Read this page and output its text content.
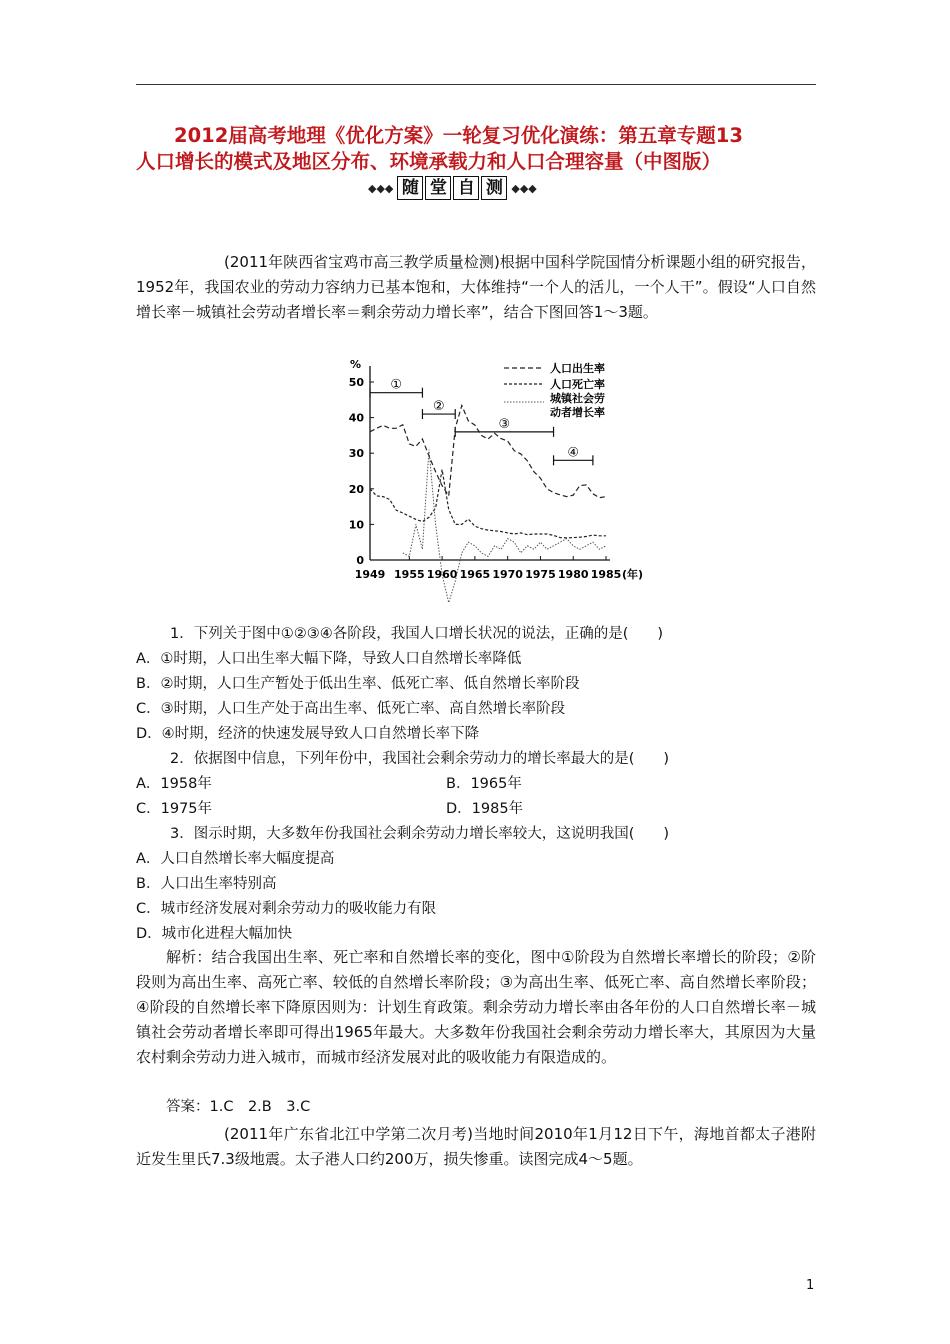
2012届高考地理《优化方案》一轮复习优化演练：第五章专题13
人口增长的模式及地区分布、环境承载力和人口合理容量（中图版）
◆◆◆ 随 堂 自 测 ◆◆◆
(2011年陕西省宝鸡市高三教学质量检测)根据中国科学院国情分析课题小组的研究报告，1952年，我国农业的劳动力容纳力已基本饱和，大体维持“一个人的活儿，一个人干”。假设“人口自然增长率－城镇社会劳动者增长率＝剩余劳动力增长率”，结合下图回答1～3题。
%
0
10
20
30
40
50
1949 1955 1960 1965 1970 1975 1980 1985 (年)
①
②
③
④
人口出生率
人口死亡率
城镇社会劳
动者增长率
1．下列关于图中①②③④各阶段，我国人口增长状况的说法，正确的是(　　)
A．①时期，人口出生率大幅下降，导致人口自然增长率降低
B．②时期，人口生产暂处于低出生率、低死亡率、低自然增长率阶段
C．③时期，人口生产处于高出生率、低死亡率、高自然增长率阶段
D．④时期，经济的快速发展导致人口自然增长率下降
2．依据图中信息，下列年份中，我国社会剩余劳动力的增长率最大的是(　　)
A．1958年	B．1965年
C．1975年	D．1985年
3．图示时期，大多数年份我国社会剩余劳动力增长率较大，这说明我国(　　)
A．人口自然增长率大幅度提高
B．人口出生率特别高
C．城市经济发展对剩余劳动力的吸收能力有限
D．城市化进程大幅加快
解析：结合我国出生率、死亡率和自然增长率的变化，图中①阶段为自然增长率增长的阶段；②阶段则为高出生率、高死亡率、较低的自然增长率阶段；③为高出生率、低死亡率、高自然增长率阶段；④阶段的自然增长率下降原因则为：计划生育政策。剩余劳动力增长率由各年份的人口自然增长率－城镇社会劳动者增长率即可得出1965年最大。大多数年份我国社会剩余劳动力增长率大，其原因为大量农村剩余劳动力进入城市，而城市经济发展对此的吸收能力有限造成的。
答案：1.C　2.B　3.C
(2011年广东省北江中学第二次月考)当地时间2010年1月12日下午，海地首都太子港附近发生里氏7.3级地震。太子港人口约200万，损失惨重。读图完成4～5题。
1
